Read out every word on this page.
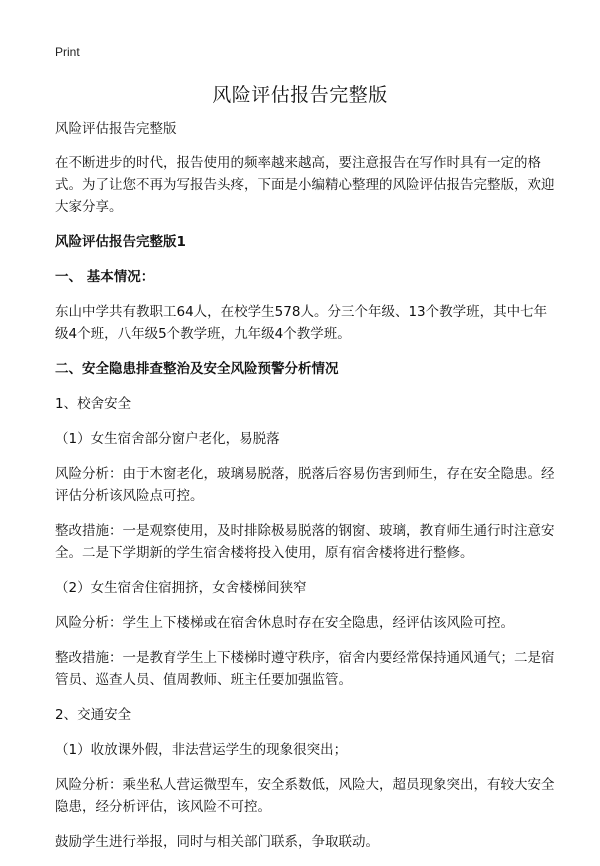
Print
风险评估报告完整版

风险评估报告完整版

在不断进步的时代，报告使用的频率越来越高，要注意报告在写作时具有一定的格式。为了让您不再为写报告头疼，下面是小编精心整理的风险评估报告完整版，欢迎大家分享。

风险评估报告完整版1

一、 基本情况：

东山中学共有教职工64人，在校学生578人。分三个年级、13个教学班，其中七年级4个班，八年级5个教学班，九年级4个教学班。

二、安全隐患排查整治及安全风险预警分析情况

1、校舍安全

（1）女生宿舍部分窗户老化，易脱落

风险分析：由于木窗老化，玻璃易脱落，脱落后容易伤害到师生，存在安全隐患。经评估分析该风险点可控。

整改措施：一是观察使用，及时排除极易脱落的钢窗、玻璃，教育师生通行时注意安全。二是下学期新的学生宿舍楼将投入使用，原有宿舍楼将进行整修。

（2）女生宿舍住宿拥挤，女舍楼梯间狭窄

风险分析：学生上下楼梯或在宿舍休息时存在安全隐患，经评估该风险可控。

整改措施：一是教育学生上下楼梯时遵守秩序，宿舍内要经常保持通风通气；二是宿管员、巡查人员、值周教师、班主任要加强监管。

2、交通安全

（1）收放课外假，非法营运学生的现象很突出；

风险分析：乘坐私人营运微型车，安全系数低，风险大，超员现象突出，有较大安全隐患，经分析评估，该风险不可控。

鼓励学生进行举报，同时与相关部门联系，争取联动。
